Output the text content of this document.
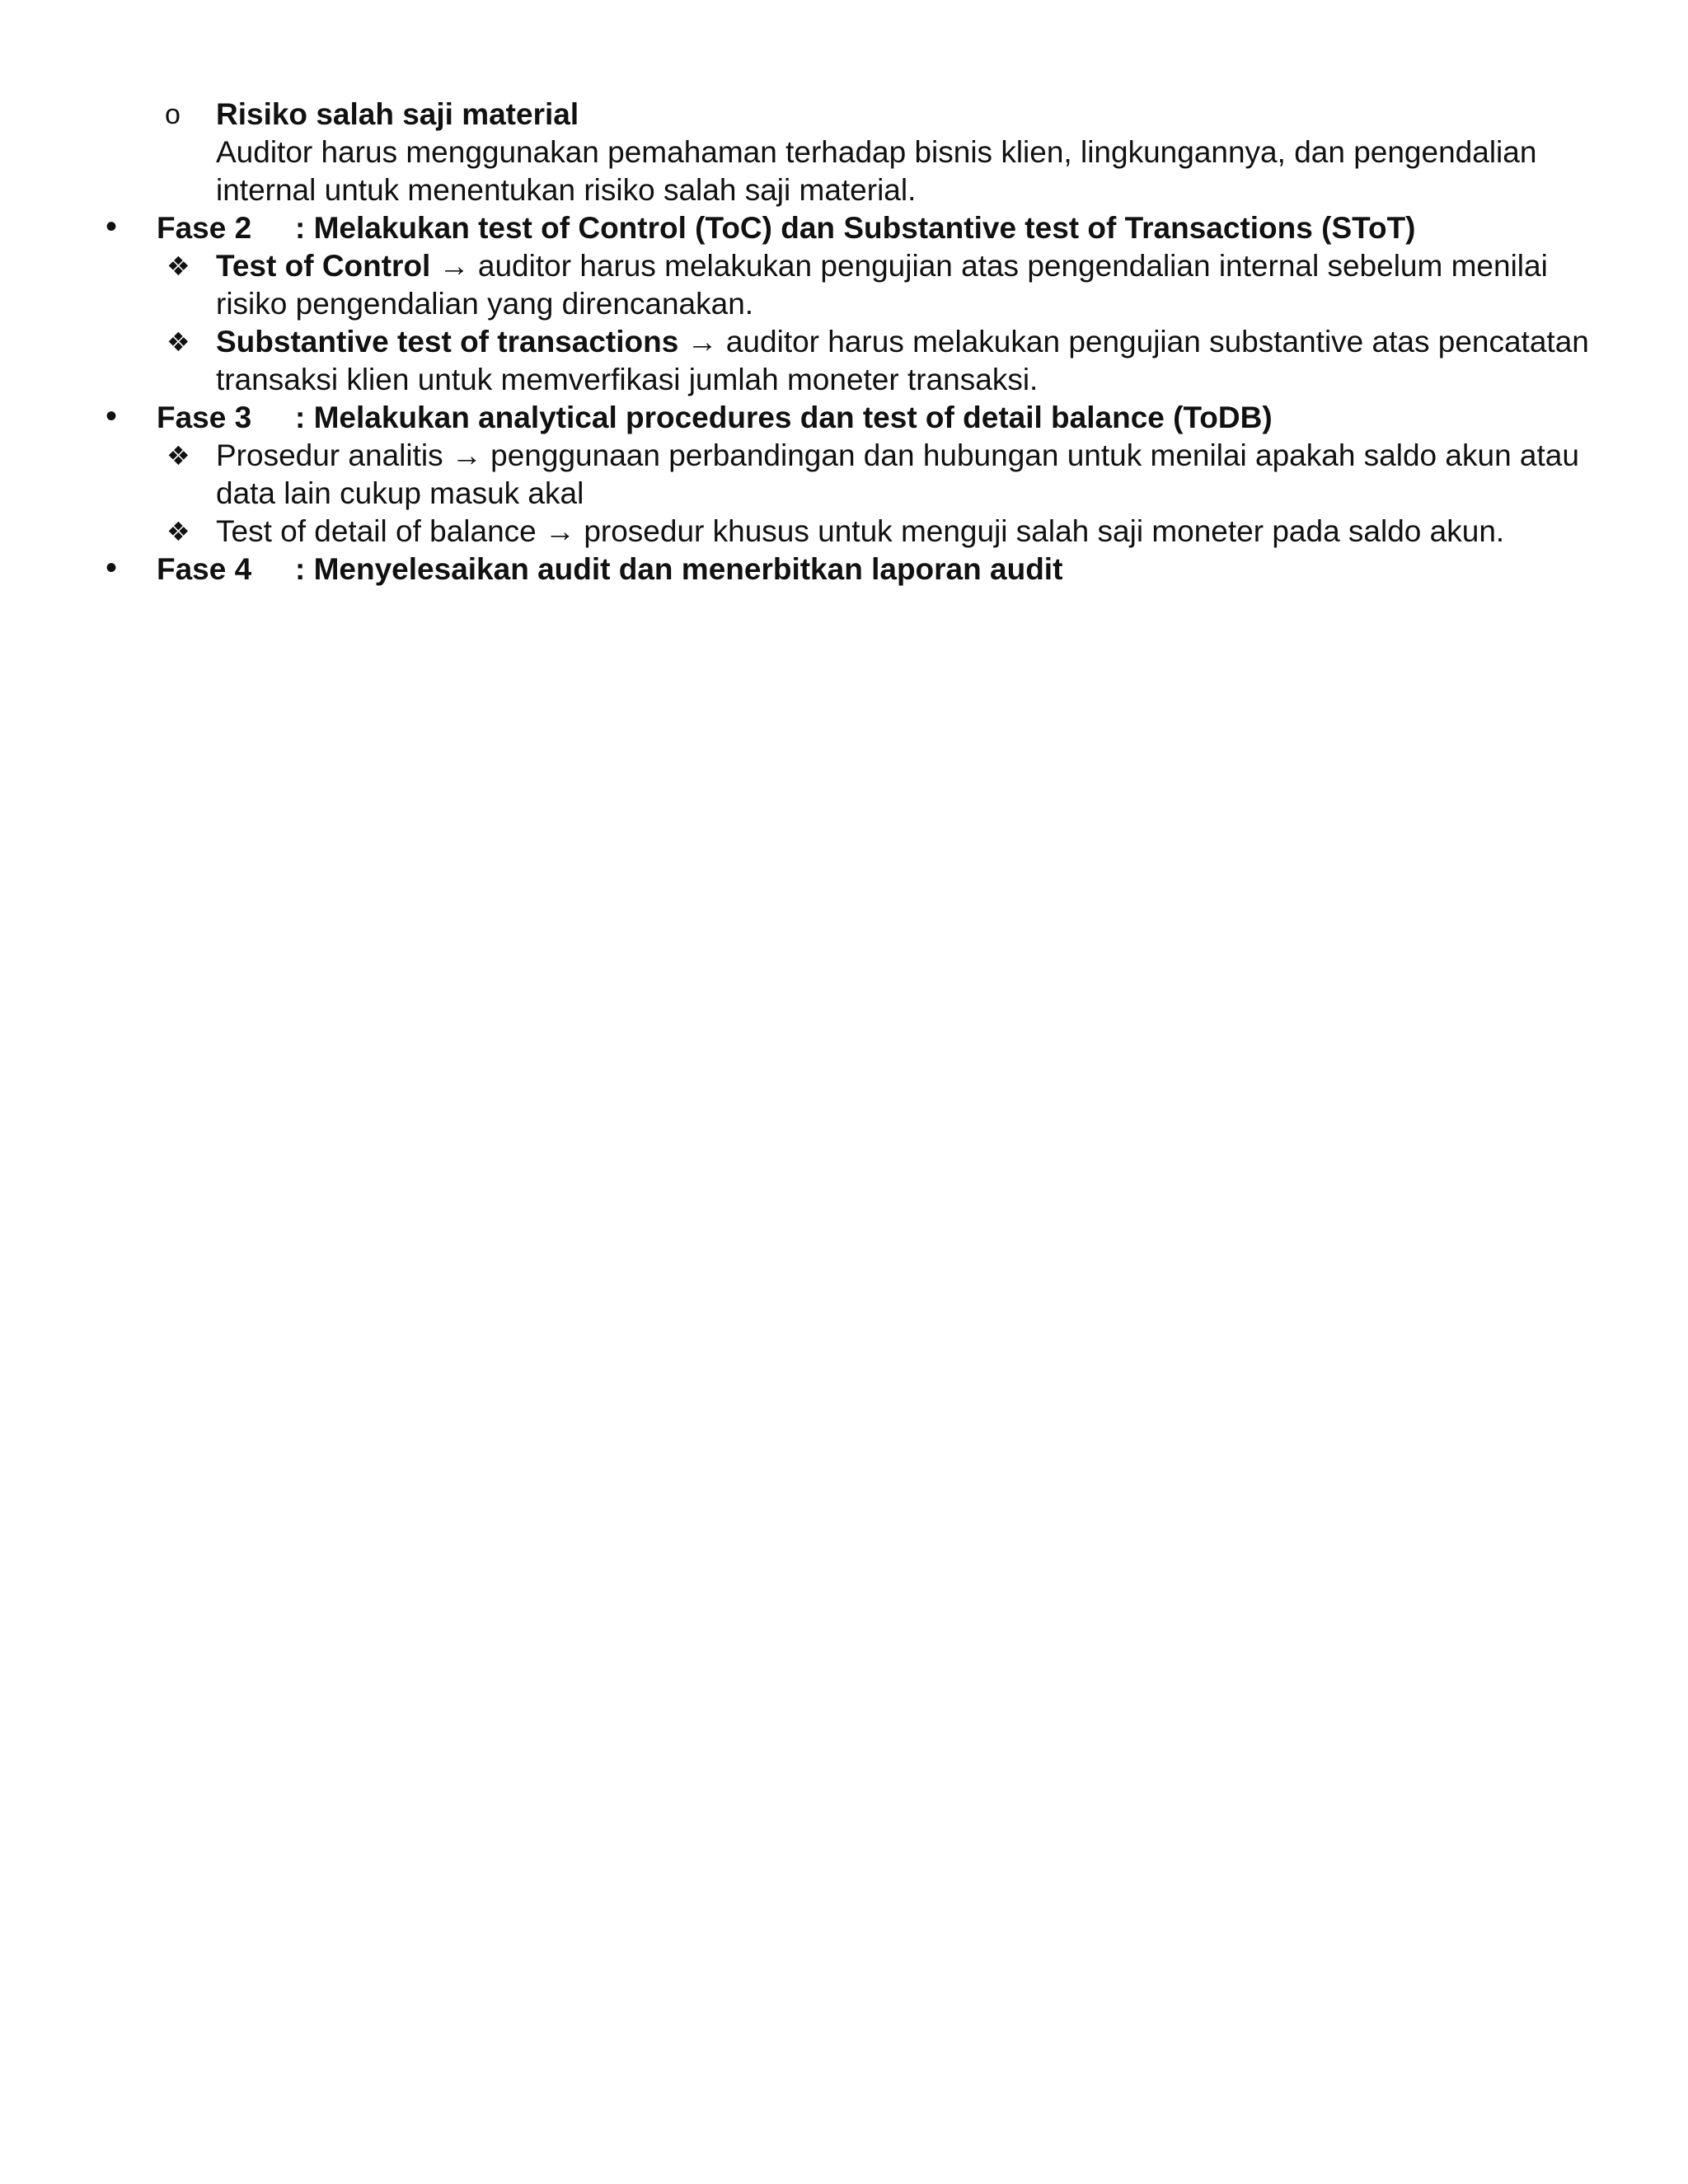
o Risiko salah saji material
Auditor harus menggunakan pemahaman terhadap bisnis klien, lingkungannya, dan pengendalian
internal untuk menentukan risiko salah saji material.
• Fase 2 : Melakukan test of Control (ToC) dan Substantive test of Transactions (SToT)
❖ Test of Control → auditor harus melakukan pengujian atas pengendalian internal sebelum menilai
risiko pengendalian yang direncanakan.
❖ Substantive test of transactions → auditor harus melakukan pengujian substantive atas pencatatan
transaksi klien untuk memverfikasi jumlah moneter transaksi.
• Fase 3 : Melakukan analytical procedures dan test of detail balance (ToDB)
❖ Prosedur analitis → penggunaan perbandingan dan hubungan untuk menilai apakah saldo akun atau
data lain cukup masuk akal
❖ Test of detail of balance → prosedur khusus untuk menguji salah saji moneter pada saldo akun.
• Fase 4 : Menyelesaikan audit dan menerbitkan laporan audit
